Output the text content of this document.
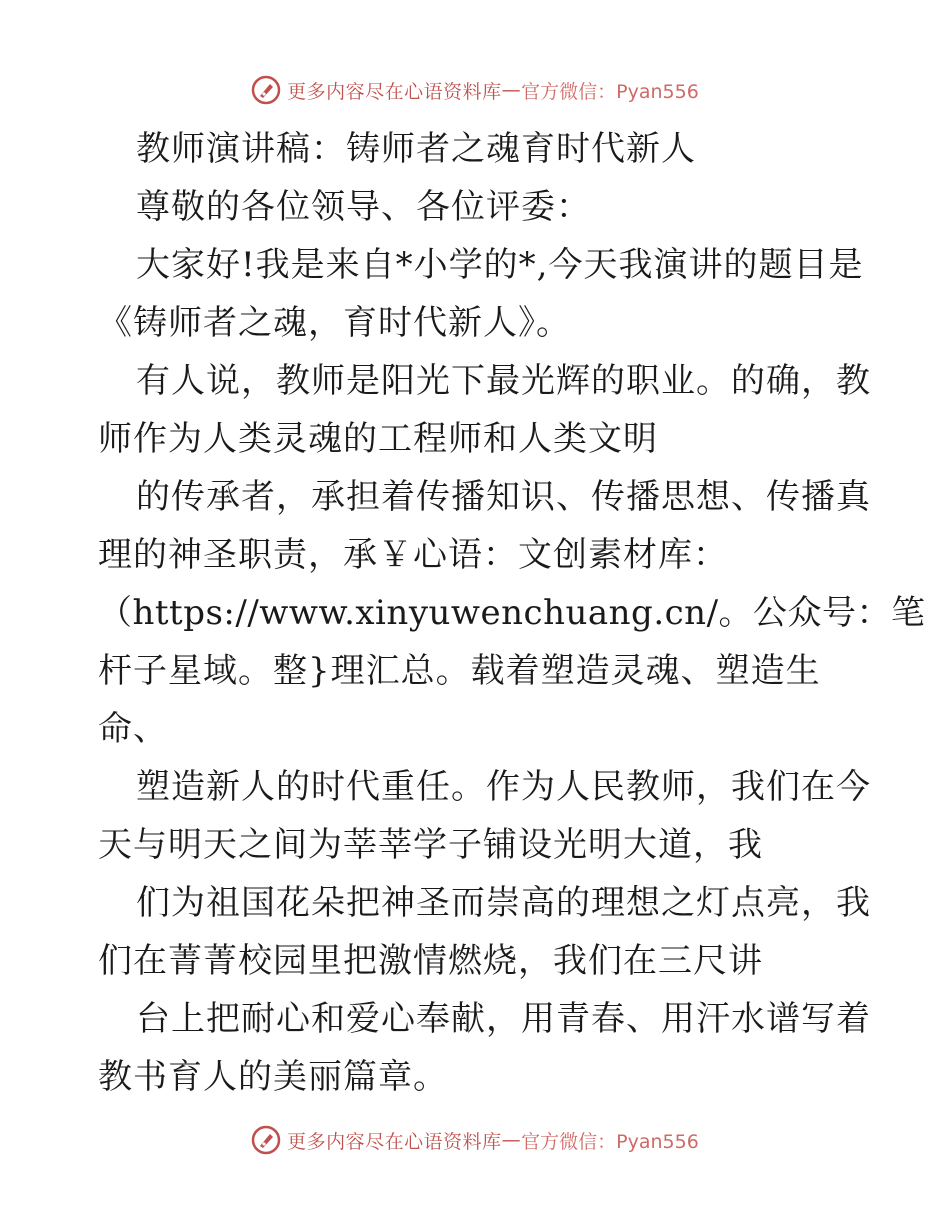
更多内容尽在心语资料库 — 官方微信：Pyan556
教师演讲稿：铸师者之魂育时代新人
尊敬的各位领导、各位评委：
大家好!我是来自*小学的*,今天我演讲的题目是
《铸师者之魂，育时代新人》。
有人说，教师是阳光下最光辉的职业。的确，教
师作为人类灵魂的工程师和人类文明
的传承者，承担着传播知识、传播思想、传播真
理的神圣职责，承￥心语：文创素材库：
（https://www.xinyuwenchuang.cn/。公众号：笔
杆子星域。整}理汇总。载着塑造灵魂、塑造生
命、
塑造新人的时代重任。作为人民教师，我们在今
天与明天之间为莘莘学子铺设光明大道，我
们为祖国花朵把神圣而崇高的理想之灯点亮，我
们在菁菁校园里把激情燃烧，我们在三尺讲
台上把耐心和爱心奉献，用青春、用汗水谱写着
教书育人的美丽篇章。
更多内容尽在心语资料库 — 官方微信：Pyan556
